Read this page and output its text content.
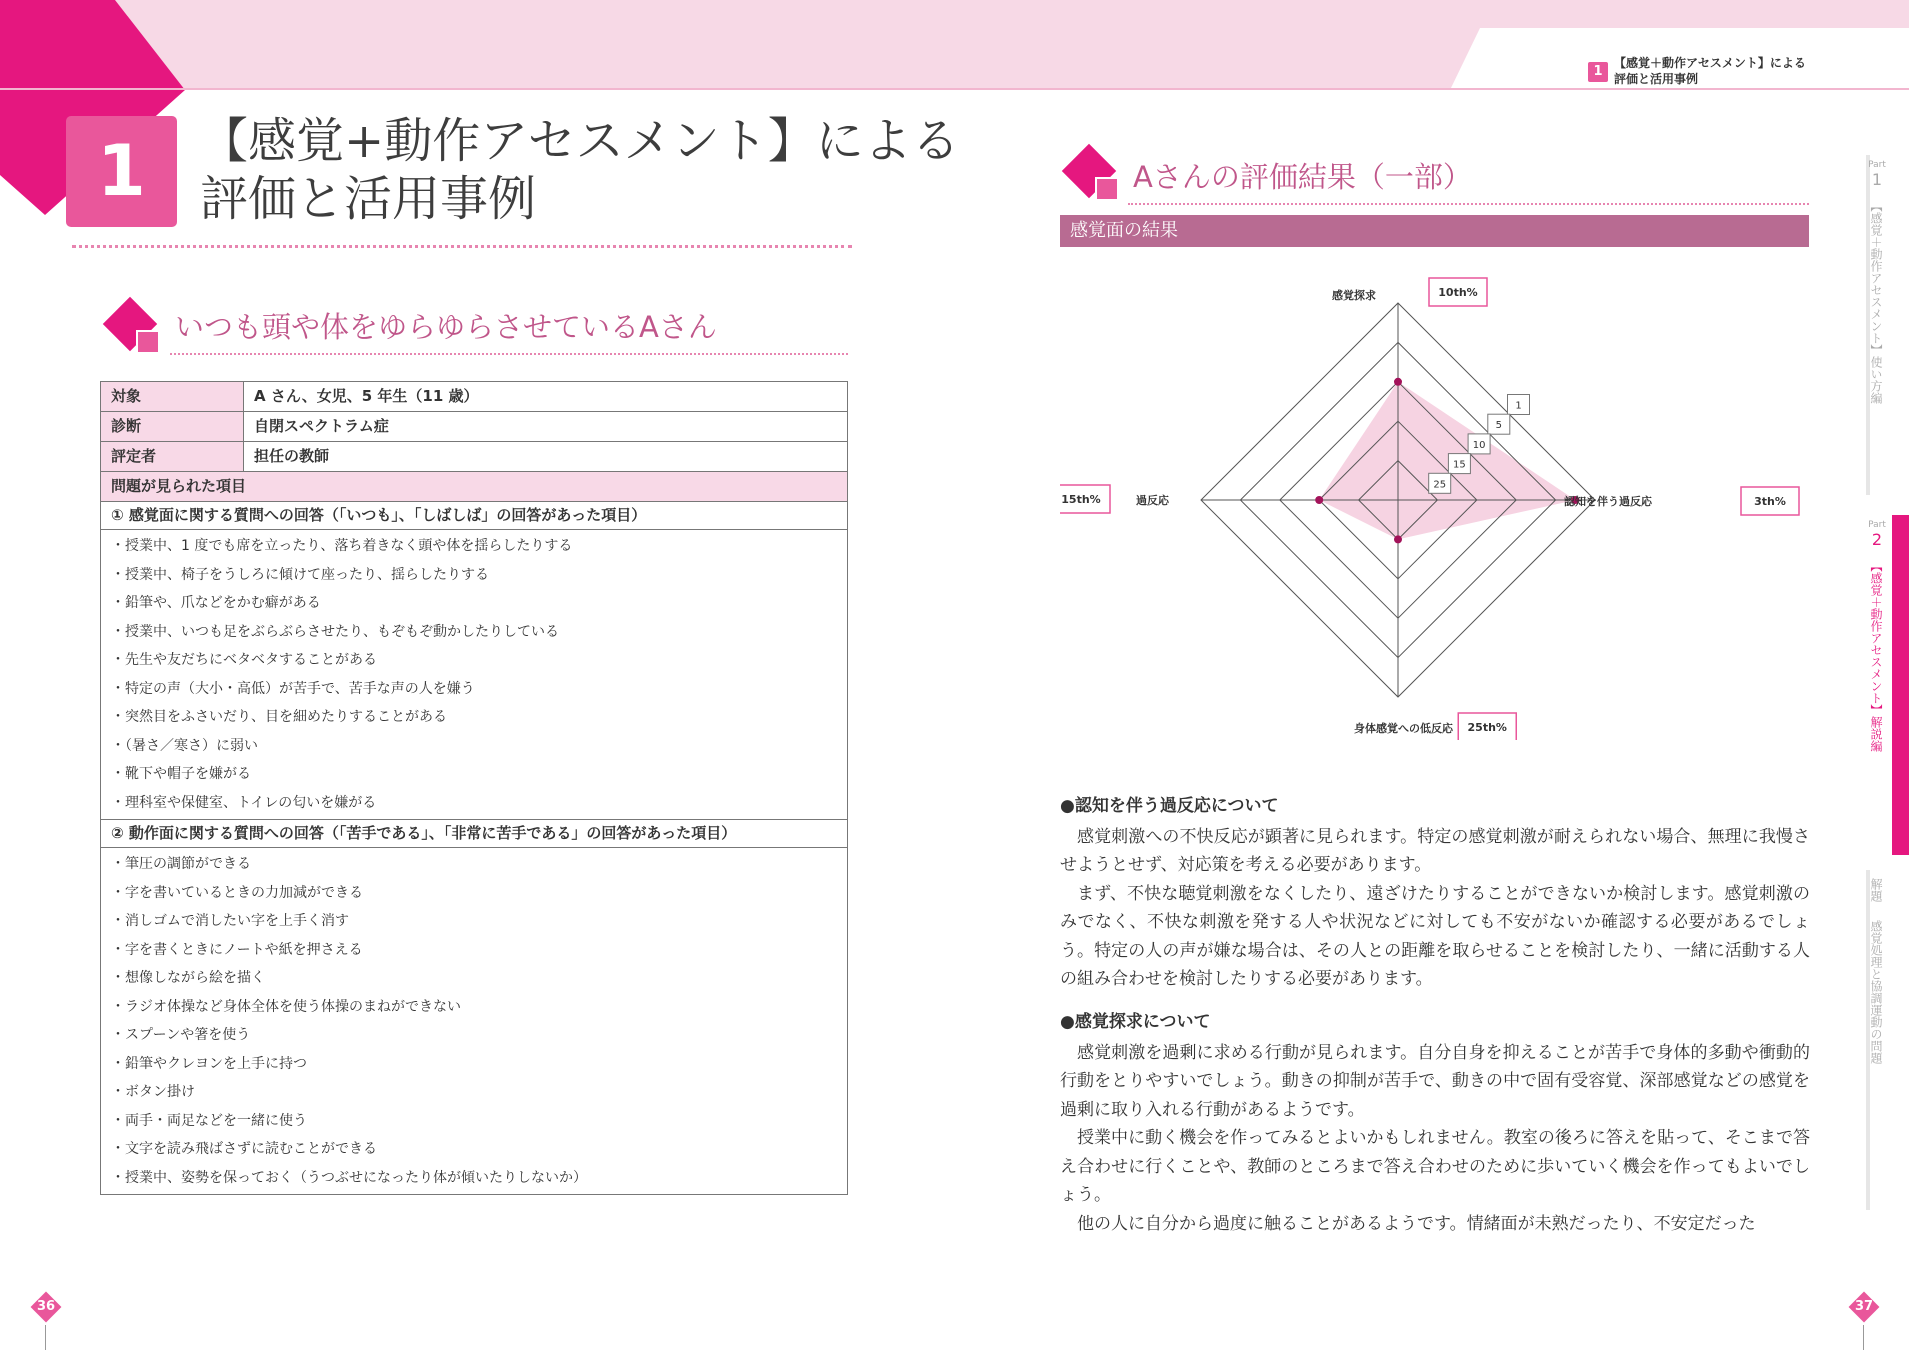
1
【感覚＋動作アセスメント】による
評価と活用事例
1	【感覚+動作アセスメント】による
評価と活用事例
いつも頭や体をゆらゆらさせているAさん
対象	A さん、女児、5 年生（11 歳）
診断	自閉スペクトラム症
評定者	担任の教師
問題が見られた項目
① 感覚面に関する質問への回答（「いつも」、「しばしば」の回答があった項目）
・授業中、1 度でも席を立ったり、落ち着きなく頭や体を揺らしたりする
・授業中、椅子をうしろに傾けて座ったり、揺らしたりする
・鉛筆や、爪などをかむ癖がある
・授業中、いつも足をぶらぶらさせたり、もぞもぞ動かしたりしている
・先生や友だちにベタベタすることがある
・特定の声（大小・高低）が苦手で、苦手な声の人を嫌う
・突然目をふさいだり、目を細めたりすることがある
・（暑さ／寒さ）に弱い
・靴下や帽子を嫌がる
・理科室や保健室、トイレの匂いを嫌がる
② 動作面に関する質問への回答（「苦手である」、「非常に苦手である」の回答があった項目）
・筆圧の調節ができる
・字を書いているときの力加減ができる
・消しゴムで消したい字を上手く消す
・字を書くときにノートや紙を押さえる
・想像しながら絵を描く
・ラジオ体操など身体全体を使う体操のまねができない
・スプーンや箸を使う
・鉛筆やクレヨンを上手に持つ
・ボタン掛け
・両手・両足などを一緒に使う
・文字を読み飛ばさずに読むことができる
・授業中、姿勢を保っておく（うつぶせになったり体が傾いたりしないか）
Aさんの評価結果（一部）
感覚面の結果
1
5
10
15
25
感覚探求	10th%
認知を伴う過反応	3th%
身体感覚への低反応 25th%
過反応
15th%
●認知を伴う過反応について
感覚刺激への不快反応が顕著に見られます。特定の感覚刺激が耐えられない場合、無理に我慢させようとせず、対応策を考える必要があります。
まず、不快な聴覚刺激をなくしたり、遠ざけたりすることができないか検討します。感覚刺激のみでなく、不快な刺激を発する人や状況などに対しても不安がないか確認する必要があるでしょう。特定の人の声が嫌な場合は、その人との距離を取らせることを検討したり、一緒に活動する人の組み合わせを検討したりする必要があります。
●感覚探求について
感覚刺激を過剰に求める行動が見られます。自分自身を抑えることが苦手で身体的多動や衝動的行動をとりやすいでしょう。動きの抑制が苦手で、動きの中で固有受容覚、深部感覚などの感覚を過剰に取り入れる行動があるようです。
授業中に動く機会を作ってみるとよいかもしれません。教室の後ろに答えを貼って、そこまで答え合わせに行くことや、教師のところまで答え合わせのために歩いていく機会を作ってもよいでしょう。
他の人に自分から過度に触ることがあるようです。情緒面が未熟だったり、不安定だった
Part
1
【感覚＋動作アセスメント】使い方編
Part
2
【感覚＋動作アセスメント】解説編
解題
感覚処理と協調運動の問題
36	37
